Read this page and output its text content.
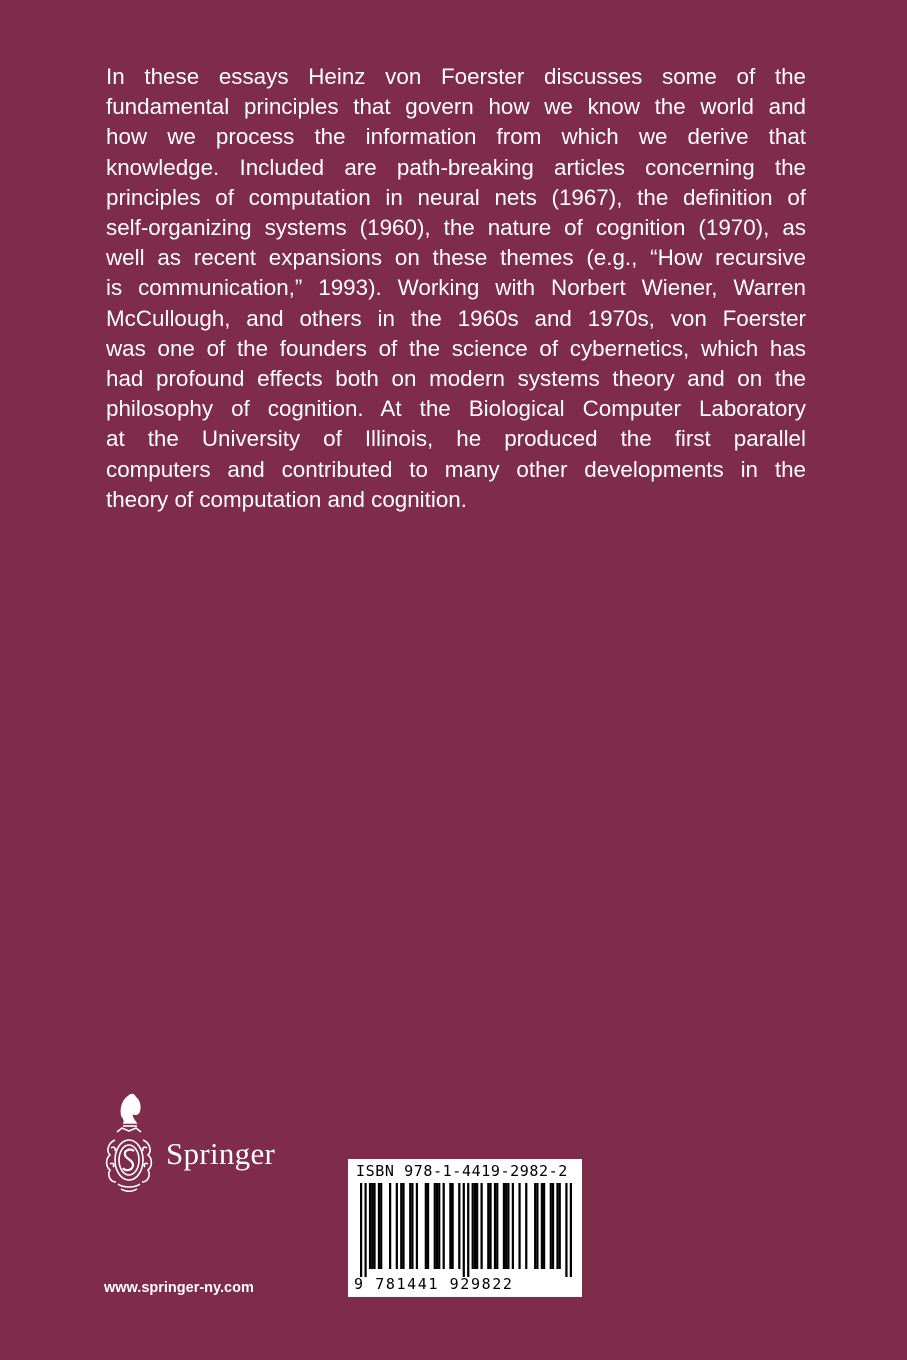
In these essays Heinz von Foerster discusses some of the
fundamental principles that govern how we know the world and
how we process the information from which we derive that
knowledge. Included are path-breaking articles concerning the
principles of computation in neural nets (1967), the definition of
self-organizing systems (1960), the nature of cognition (1970), as
well as recent expansions on these themes (e.g., “How recursive
is communication,” 1993). Working with Norbert Wiener, Warren
McCullough, and others in the 1960s and 1970s, von Foerster
was one of the founders of the science of cybernetics, which has
had profound effects both on modern systems theory and on the
philosophy of cognition. At the Biological Computer Laboratory
at the University of Illinois, he produced the first parallel
computers and contributed to many other developments in the
theory of computation and cognition.
Springer
www.springer-ny.com
ISBN 978-1-4419-2982-2
9 781441 929822
